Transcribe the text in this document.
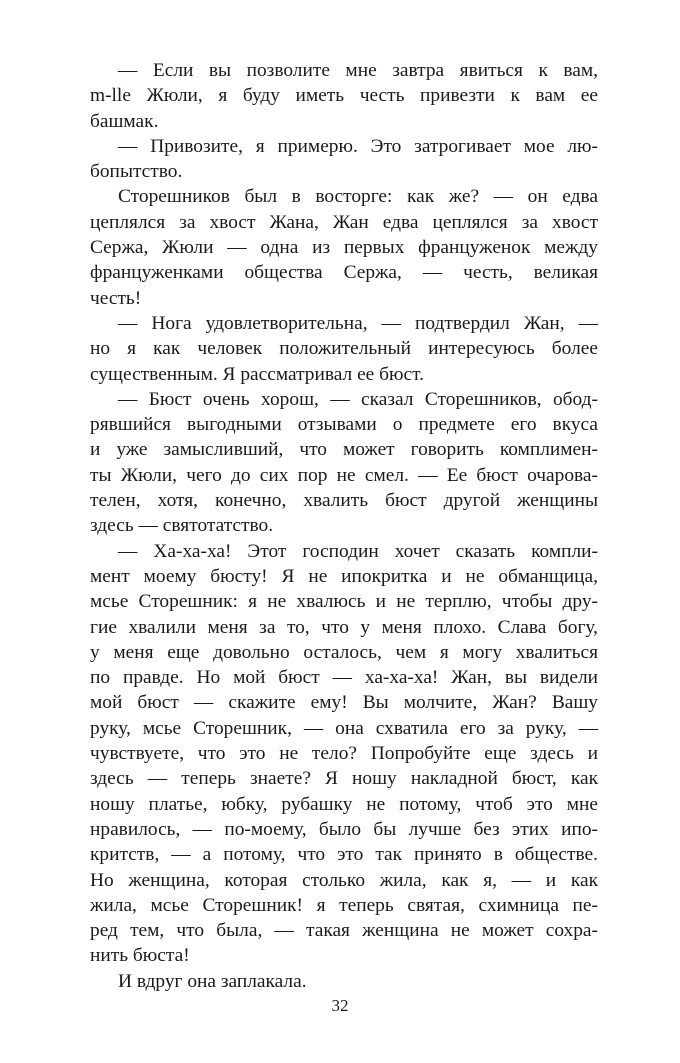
— Если вы позволите мне завтра явиться к вам,
m-lle Жюли, я буду иметь честь привезти к вам ее
башмак.
— Привозите, я примерю. Это затрогивает мое лю-
бопытство.
Сторешников был в восторге: как же? — он едва
цеплялся за хвост Жана, Жан едва цеплялся за хвост
Сержа, Жюли — одна из первых француженок между
француженками общества Сержа, — честь, великая
честь!
— Нога удовлетворительна, — подтвердил Жан, —
но я как человек положительный интересуюсь более
существенным. Я рассматривал ее бюст.
— Бюст очень хорош, — сказал Сторешников, обод-
рявшийся выгодными отзывами о предмете его вкуса
и уже замысливший, что может говорить комплимен-
ты Жюли, чего до сих пор не смел. — Ее бюст очарова-
телен, хотя, конечно, хвалить бюст другой женщины
здесь — святотатство.
— Ха-ха-ха! Этот господин хочет сказать компли-
мент моему бюсту! Я не ипокритка и не обманщица,
мсье Сторешник: я не хвалюсь и не терплю, чтобы дру-
гие хвалили меня за то, что у меня плохо. Слава богу,
у меня еще довольно осталось, чем я могу хвалиться
по правде. Но мой бюст — ха-ха-ха! Жан, вы видели
мой бюст — скажите ему! Вы молчите, Жан? Вашу
руку, мсье Сторешник, — она схватила его за руку, —
чувствуете, что это не тело? Попробуйте еще здесь и
здесь — теперь знаете? Я ношу накладной бюст, как
ношу платье, юбку, рубашку не потому, чтоб это мне
нравилось, — по-моему, было бы лучше без этих ипо-
критств, — а потому, что это так принято в обществе.
Но женщина, которая столько жила, как я, — и как
жила, мсье Сторешник! я теперь святая, схимница пе-
ред тем, что была, — такая женщина не может сохра-
нить бюста!
И вдруг она заплакала.
32
